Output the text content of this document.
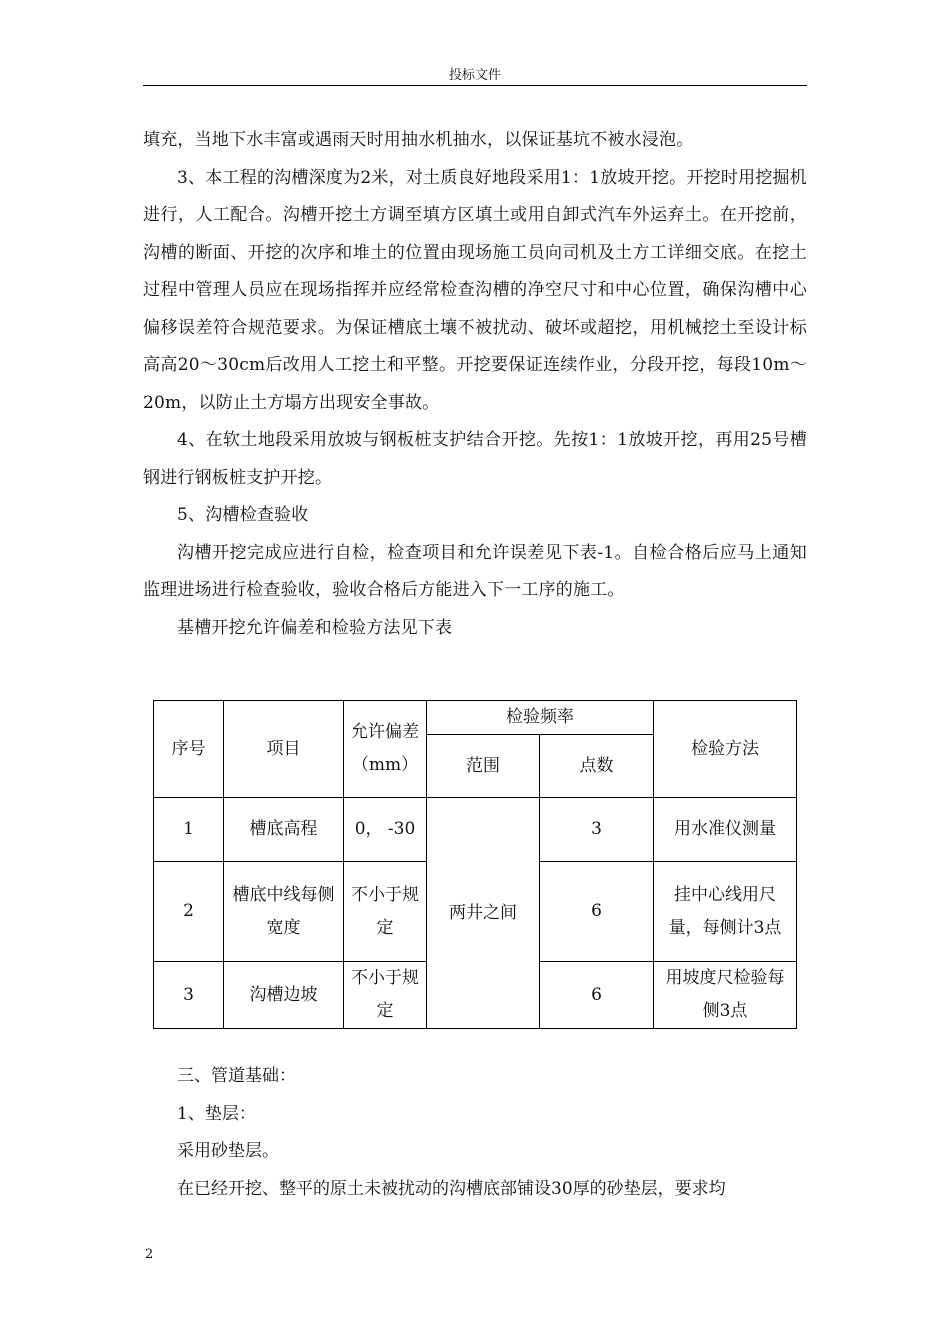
投标文件

填充，当地下水丰富或遇雨天时用抽水机抽水，以保证基坑不被水浸泡。

3、本工程的沟槽深度为2米，对土质良好地段采用1：1放坡开挖。开挖时用挖掘机进行，人工配合。沟槽开挖土方调至填方区填土或用自卸式汽车外运弃土。在开挖前，沟槽的断面、开挖的次序和堆土的位置由现场施工员向司机及土方工详细交底。在挖土过程中管理人员应在现场指挥并应经常检查沟槽的净空尺寸和中心位置，确保沟槽中心偏移误差符合规范要求。为保证槽底土壤不被扰动、破坏或超挖，用机械挖土至设计标高高20～30cm后改用人工挖土和平整。开挖要保证连续作业，分段开挖，每段10m～20m，以防止土方塌方出现安全事故。

4、在软土地段采用放坡与钢板桩支护结合开挖。先按1：1放坡开挖，再用25号槽钢进行钢板桩支护开挖。

5、沟槽检查验收

沟槽开挖完成应进行自检，检查项目和允许误差见下表-1。自检合格后应马上通知监理进场进行检查验收，验收合格后方能进入下一工序的施工。

基槽开挖允许偏差和检验方法见下表

序号	项目	允许偏差（mm）	检验频率		检验方法
			范围	点数	
1	槽底高程	0， -30	两井之间	3	用水准仪测量
2	槽底中线每侧宽度	不小于规定		6	挂中心线用尺量，每侧计3点
3	沟槽边坡	不小于规定		6	用坡度尺检验每侧3点

三、管道基础：

1、垫层：

采用砂垫层。

在已经开挖、整平的原土未被扰动的沟槽底部铺设30厚的砂垫层，要求均

2
